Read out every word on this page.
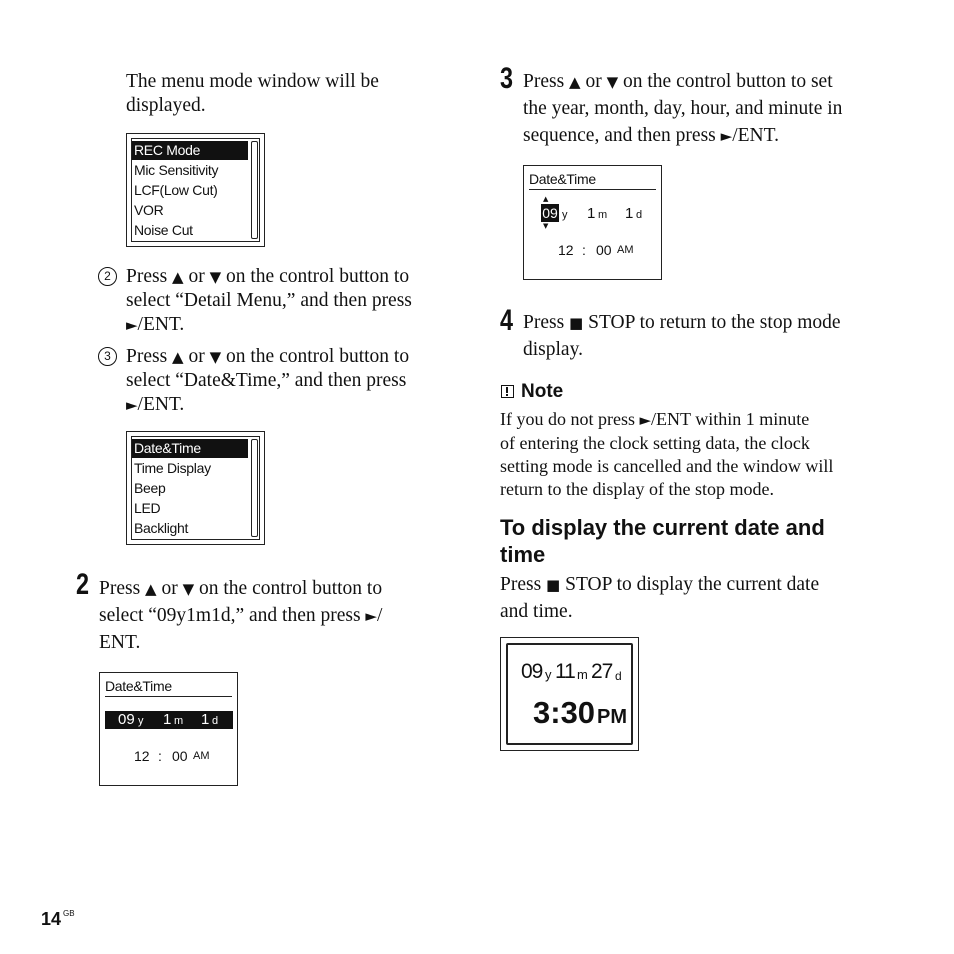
The menu mode window will be
displayed.
REC Mode
Mic Sensitivity
LCF(Low Cut)
VOR
Noise Cut
2 Press ▲ or ▼ on the control button to
select “Detail Menu,” and then press
►/ENT.
3 Press ▲ or ▼ on the control button to
select “Date&Time,” and then press
►/ENT.
Date&Time
Time Display
Beep
LED
Backlight
2 Press ▲ or ▼ on the control button to
select “09y1m1d,” and then press ►/
ENT.
Date&Time
09 y 1 m 1 d
12 : 00 AM
3 Press ▲ or ▼ on the control button to set
the year, month, day, hour, and minute in
sequence, and then press ►/ENT.
Date&Time
▲
09
▼
y 1 m 1 d
12 : 00 AM
4 Press ■ STOP to return to the stop mode
display.
Note
If you do not press ►/ENT within 1 minute
of entering the clock setting data, the clock
setting mode is cancelled and the window will
return to the display of the stop mode.
To display the current date and
time
Press ■ STOP to display the current date
and time.
09 y 11 m 27 d
3:30 PM
14 $^{GB}$
